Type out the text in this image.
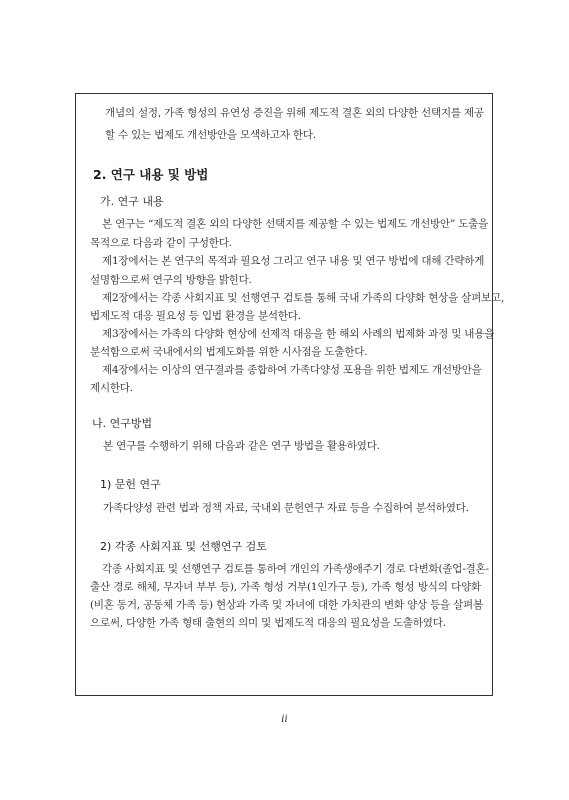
개념의 설정, 가족 형성의 유연성 증진을 위해 제도적 결혼 외의 다양한 선택지를 제공
할 수 있는 법제도 개선방안을 모색하고자 한다.
2. 연구 내용 및 방법
가. 연구 내용
본 연구는 “제도적 결혼 외의 다양한 선택지를 제공할 수 있는 법제도 개선방안” 도출을
목적으로 다음과 같이 구성한다.
제1장에서는 본 연구의 목적과 필요성 그리고 연구 내용 및 연구 방법에 대해 간략하게
설명함으로써 연구의 방향을 밝힌다.
제2장에서는 각종 사회지표 및 선행연구 검토를 통해 국내 가족의 다양화 현상을 살펴보고,
법제도적 대응 필요성 등 입법 환경을 분석한다.
제3장에서는 가족의 다양화 현상에 선제적 대응을 한 해외 사례의 법제화 과정 및 내용을
분석함으로써 국내에서의 법제도화를 위한 시사점을 도출한다.
제4장에서는 이상의 연구결과를 종합하여 가족다양성 포용을 위한 법제도 개선방안을
제시한다.
나. 연구방법
본 연구를 수행하기 위해 다음과 같은 연구 방법을 활용하였다.
1) 문헌 연구
가족다양성 관련 법과 정책 자료, 국내외 문헌연구 자료 등을 수집하여 분석하였다.
2) 각종 사회지표 및 선행연구 검토
각종 사회지표 및 선행연구 검토를 통하여 개인의 가족생애주기 경로 다변화(졸업-결혼-
출산 경로 해체, 무자녀 부부 등), 가족 형성 거부(1인가구 등), 가족 형성 방식의 다양화
(비혼 동거, 공동체 가족 등) 현상과 가족 및 자녀에 대한 가치관의 변화 양상 등을 살펴봄
으로써, 다양한 가족 형태 출현의 의미 및 법제도적 대응의 필요성을 도출하였다.
ii
